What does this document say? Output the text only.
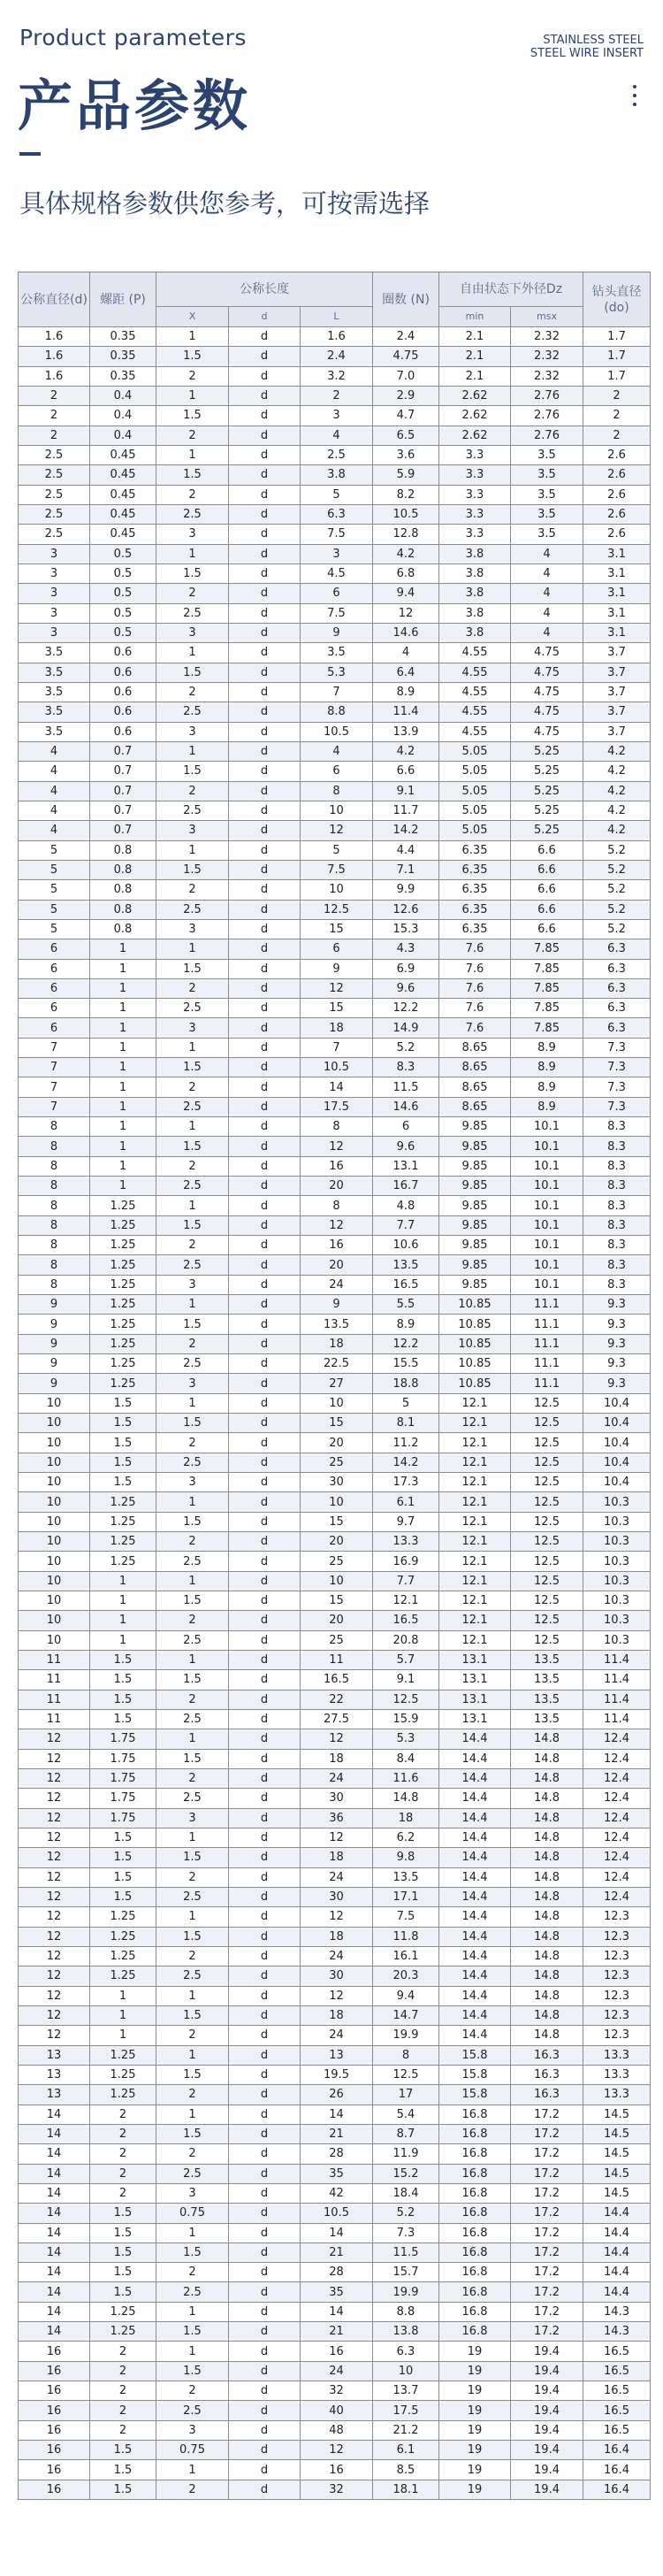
Product parameters	STAINLESS STEEL
STEEL WIRE INSERT
产品参数
具体规格参数供您参考，可按需选择
公称直径(d)	螺距 (P)	公称长度			圈数 (N)	自由状态下外径Dz		钻头直径(do)
		X	d	L		min	msx	
1.6	0.35	1	d	1.6	2.4	2.1	2.32	1.7
1.6	0.35	1.5	d	2.4	4.75	2.1	2.32	1.7
1.6	0.35	2	d	3.2	7.0	2.1	2.32	1.7
2	0.4	1	d	2	2.9	2.62	2.76	2
2	0.4	1.5	d	3	4.7	2.62	2.76	2
2	0.4	2	d	4	6.5	2.62	2.76	2
2.5	0.45	1	d	2.5	3.6	3.3	3.5	2.6
2.5	0.45	1.5	d	3.8	5.9	3.3	3.5	2.6
2.5	0.45	2	d	5	8.2	3.3	3.5	2.6
2.5	0.45	2.5	d	6.3	10.5	3.3	3.5	2.6
2.5	0.45	3	d	7.5	12.8	3.3	3.5	2.6
3	0.5	1	d	3	4.2	3.8	4	3.1
3	0.5	1.5	d	4.5	6.8	3.8	4	3.1
3	0.5	2	d	6	9.4	3.8	4	3.1
3	0.5	2.5	d	7.5	12	3.8	4	3.1
3	0.5	3	d	9	14.6	3.8	4	3.1
3.5	0.6	1	d	3.5	4	4.55	4.75	3.7
3.5	0.6	1.5	d	5.3	6.4	4.55	4.75	3.7
3.5	0.6	2	d	7	8.9	4.55	4.75	3.7
3.5	0.6	2.5	d	8.8	11.4	4.55	4.75	3.7
3.5	0.6	3	d	10.5	13.9	4.55	4.75	3.7
4	0.7	1	d	4	4.2	5.05	5.25	4.2
4	0.7	1.5	d	6	6.6	5.05	5.25	4.2
4	0.7	2	d	8	9.1	5.05	5.25	4.2
4	0.7	2.5	d	10	11.7	5.05	5.25	4.2
4	0.7	3	d	12	14.2	5.05	5.25	4.2
5	0.8	1	d	5	4.4	6.35	6.6	5.2
5	0.8	1.5	d	7.5	7.1	6.35	6.6	5.2
5	0.8	2	d	10	9.9	6.35	6.6	5.2
5	0.8	2.5	d	12.5	12.6	6.35	6.6	5.2
5	0.8	3	d	15	15.3	6.35	6.6	5.2
6	1	1	d	6	4.3	7.6	7.85	6.3
6	1	1.5	d	9	6.9	7.6	7.85	6.3
6	1	2	d	12	9.6	7.6	7.85	6.3
6	1	2.5	d	15	12.2	7.6	7.85	6.3
6	1	3	d	18	14.9	7.6	7.85	6.3
7	1	1	d	7	5.2	8.65	8.9	7.3
7	1	1.5	d	10.5	8.3	8.65	8.9	7.3
7	1	2	d	14	11.5	8.65	8.9	7.3
7	1	2.5	d	17.5	14.6	8.65	8.9	7.3
8	1	1	d	8	6	9.85	10.1	8.3
8	1	1.5	d	12	9.6	9.85	10.1	8.3
8	1	2	d	16	13.1	9.85	10.1	8.3
8	1	2.5	d	20	16.7	9.85	10.1	8.3
8	1.25	1	d	8	4.8	9.85	10.1	8.3
8	1.25	1.5	d	12	7.7	9.85	10.1	8.3
8	1.25	2	d	16	10.6	9.85	10.1	8.3
8	1.25	2.5	d	20	13.5	9.85	10.1	8.3
8	1.25	3	d	24	16.5	9.85	10.1	8.3
9	1.25	1	d	9	5.5	10.85	11.1	9.3
9	1.25	1.5	d	13.5	8.9	10.85	11.1	9.3
9	1.25	2	d	18	12.2	10.85	11.1	9.3
9	1.25	2.5	d	22.5	15.5	10.85	11.1	9.3
9	1.25	3	d	27	18.8	10.85	11.1	9.3
10	1.5	1	d	10	5	12.1	12.5	10.4
10	1.5	1.5	d	15	8.1	12.1	12.5	10.4
10	1.5	2	d	20	11.2	12.1	12.5	10.4
10	1.5	2.5	d	25	14.2	12.1	12.5	10.4
10	1.5	3	d	30	17.3	12.1	12.5	10.4
10	1.25	1	d	10	6.1	12.1	12.5	10.3
10	1.25	1.5	d	15	9.7	12.1	12.5	10.3
10	1.25	2	d	20	13.3	12.1	12.5	10.3
10	1.25	2.5	d	25	16.9	12.1	12.5	10.3
10	1	1	d	10	7.7	12.1	12.5	10.3
10	1	1.5	d	15	12.1	12.1	12.5	10.3
10	1	2	d	20	16.5	12.1	12.5	10.3
10	1	2.5	d	25	20.8	12.1	12.5	10.3
11	1.5	1	d	11	5.7	13.1	13.5	11.4
11	1.5	1.5	d	16.5	9.1	13.1	13.5	11.4
11	1.5	2	d	22	12.5	13.1	13.5	11.4
11	1.5	2.5	d	27.5	15.9	13.1	13.5	11.4
12	1.75	1	d	12	5.3	14.4	14.8	12.4
12	1.75	1.5	d	18	8.4	14.4	14.8	12.4
12	1.75	2	d	24	11.6	14.4	14.8	12.4
12	1.75	2.5	d	30	14.8	14.4	14.8	12.4
12	1.75	3	d	36	18	14.4	14.8	12.4
12	1.5	1	d	12	6.2	14.4	14.8	12.4
12	1.5	1.5	d	18	9.8	14.4	14.8	12.4
12	1.5	2	d	24	13.5	14.4	14.8	12.4
12	1.5	2.5	d	30	17.1	14.4	14.8	12.4
12	1.25	1	d	12	7.5	14.4	14.8	12.3
12	1.25	1.5	d	18	11.8	14.4	14.8	12.3
12	1.25	2	d	24	16.1	14.4	14.8	12.3
12	1.25	2.5	d	30	20.3	14.4	14.8	12.3
12	1	1	d	12	9.4	14.4	14.8	12.3
12	1	1.5	d	18	14.7	14.4	14.8	12.3
12	1	2	d	24	19.9	14.4	14.8	12.3
13	1.25	1	d	13	8	15.8	16.3	13.3
13	1.25	1.5	d	19.5	12.5	15.8	16.3	13.3
13	1.25	2	d	26	17	15.8	16.3	13.3
14	2	1	d	14	5.4	16.8	17.2	14.5
14	2	1.5	d	21	8.7	16.8	17.2	14.5
14	2	2	d	28	11.9	16.8	17.2	14.5
14	2	2.5	d	35	15.2	16.8	17.2	14.5
14	2	3	d	42	18.4	16.8	17.2	14.5
14	1.5	0.75	d	10.5	5.2	16.8	17.2	14.4
14	1.5	1	d	14	7.3	16.8	17.2	14.4
14	1.5	1.5	d	21	11.5	16.8	17.2	14.4
14	1.5	2	d	28	15.7	16.8	17.2	14.4
14	1.5	2.5	d	35	19.9	16.8	17.2	14.4
14	1.25	1	d	14	8.8	16.8	17.2	14.3
14	1.25	1.5	d	21	13.8	16.8	17.2	14.3
16	2	1	d	16	6.3	19	19.4	16.5
16	2	1.5	d	24	10	19	19.4	16.5
16	2	2	d	32	13.7	19	19.4	16.5
16	2	2.5	d	40	17.5	19	19.4	16.5
16	2	3	d	48	21.2	19	19.4	16.5
16	1.5	0.75	d	12	6.1	19	19.4	16.4
16	1.5	1	d	16	8.5	19	19.4	16.4
16	1.5	2	d	32	18.1	19	19.4	16.4
